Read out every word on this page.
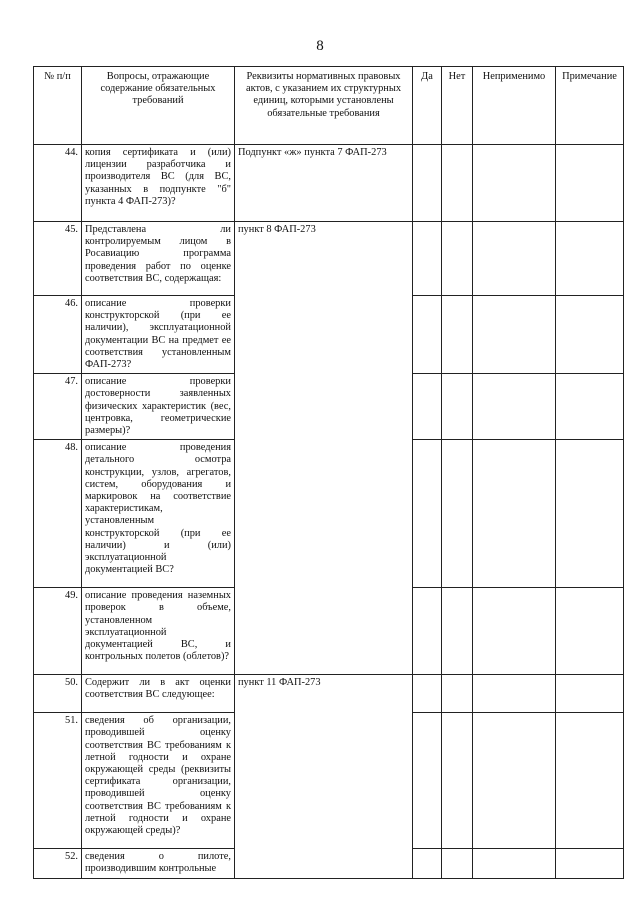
8
№ п/п	Вопросы, отражающие содержание обязательных требований	Реквизиты нормативных правовых актов, с указанием их структурных единиц, которыми установлены обязательные требования	Да	Нет	Неприменимо	Примечание
44.	копия сертификата и (или) лицензии разработчика и производителя ВС (для ВС, указанных в подпункте "б" пункта 4 ФАП-273)?	Подпункт «ж» пункта 7 ФАП-273				
45.	Представлена ли контролируемым лицом в Росавиацию программа проведения работ по оценке соответствия ВС, содержащая:	пункт 8 ФАП-273				
46.	описание проверки конструкторской (при ее наличии), эксплуатационной документации ВС на предмет ее соответствия установленным ФАП-273?					
47.	описание проверки достоверности заявленных физических характеристик (вес, центровка, геометрические размеры)?					
48.	описание проведения детального осмотра конструкции, узлов, агрегатов, систем, оборудования и маркировок на соответствие характеристикам, установленным конструкторской (при ее наличии) и (или) эксплуатационной документацией ВС?					
49.	описание проведения наземных проверок в объеме, установленном эксплуатационной документацией ВС, и контрольных полетов (облетов)?					
50.	Содержит ли в акт оценки соответствия ВС следующее:	пункт 11 ФАП-273				
51.	сведения об организации, проводившей оценку соответствия ВС требованиям к летной годности и охране окружающей среды (реквизиты сертификата организации, проводившей оценку соответствия ВС требованиям к летной годности и охране окружающей среды)?					
52.	сведения о пилоте, производившим контрольные					
